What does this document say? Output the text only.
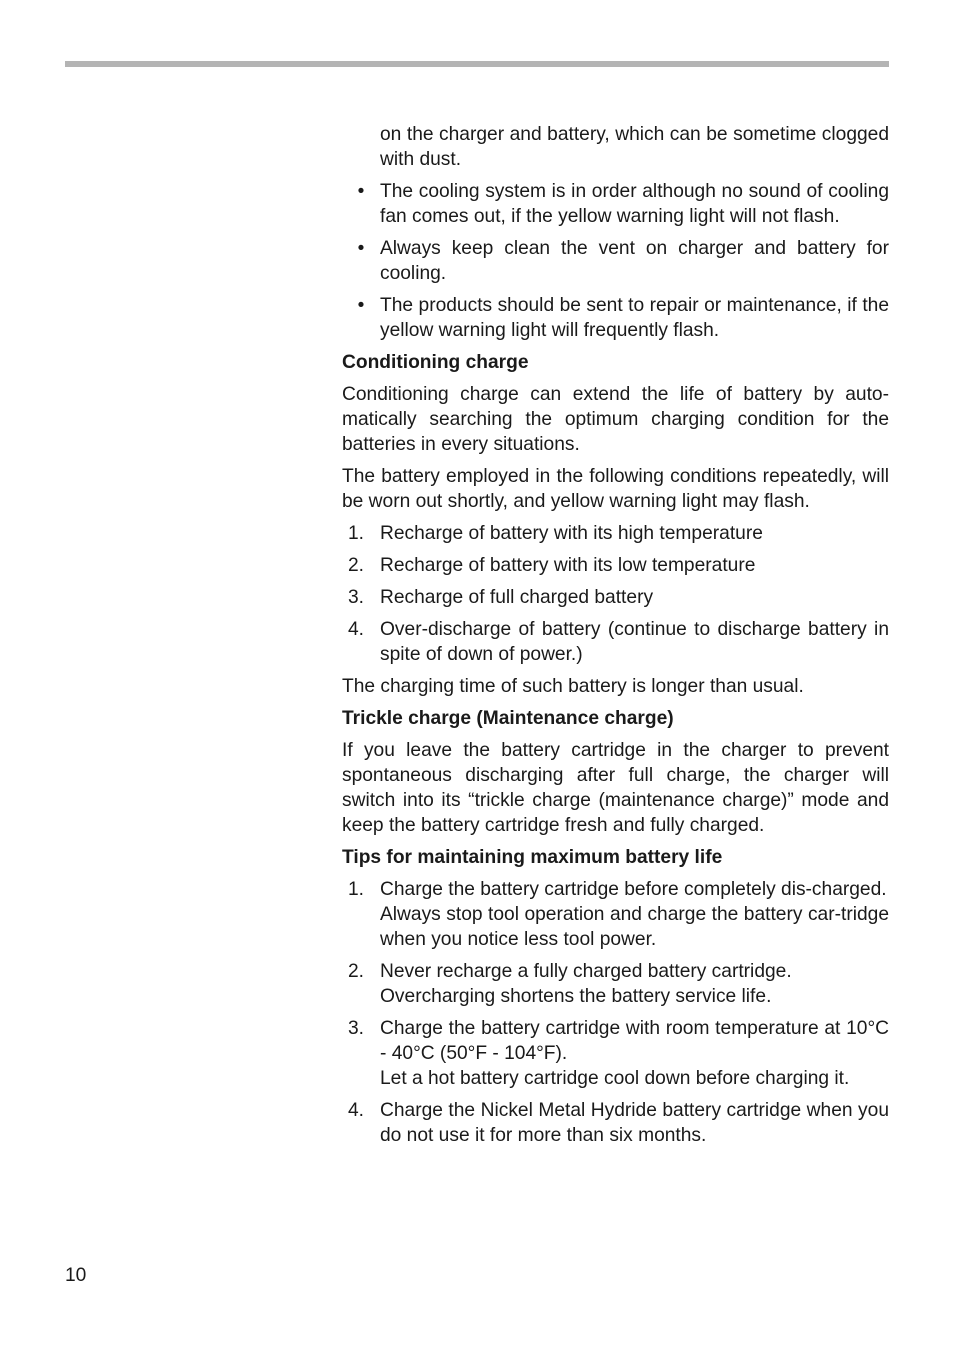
on the charger and battery, which can be sometime clogged with dust.

• The cooling system is in order although no sound of cooling fan comes out, if the yellow warning light will not flash.
• Always keep clean the vent on charger and battery for cooling.
• The products should be sent to repair or maintenance, if the yellow warning light will frequently flash.

Conditioning charge

Conditioning charge can extend the life of battery by auto-matically searching the optimum charging condition for the batteries in every situations.

The battery employed in the following conditions repeatedly, will be worn out shortly, and yellow warning light may flash.

1. Recharge of battery with its high temperature
2. Recharge of battery with its low temperature
3. Recharge of full charged battery
4. Over-discharge of battery (continue to discharge battery in spite of down of power.)

The charging time of such battery is longer than usual.

Trickle charge (Maintenance charge)

If you leave the battery cartridge in the charger to prevent spontaneous discharging after full charge, the charger will switch into its “trickle charge (maintenance charge)” mode and keep the battery cartridge fresh and fully charged.

Tips for maintaining maximum battery life

1. Charge the battery cartridge before completely dis-charged.
Always stop tool operation and charge the battery car-tridge when you notice less tool power.
2. Never recharge a fully charged battery cartridge.
Overcharging shortens the battery service life.
3. Charge the battery cartridge with room temperature at 10°C - 40°C (50°F - 104°F).
Let a hot battery cartridge cool down before charging it.
4. Charge the Nickel Metal Hydride battery cartridge when you do not use it for more than six months.
10
